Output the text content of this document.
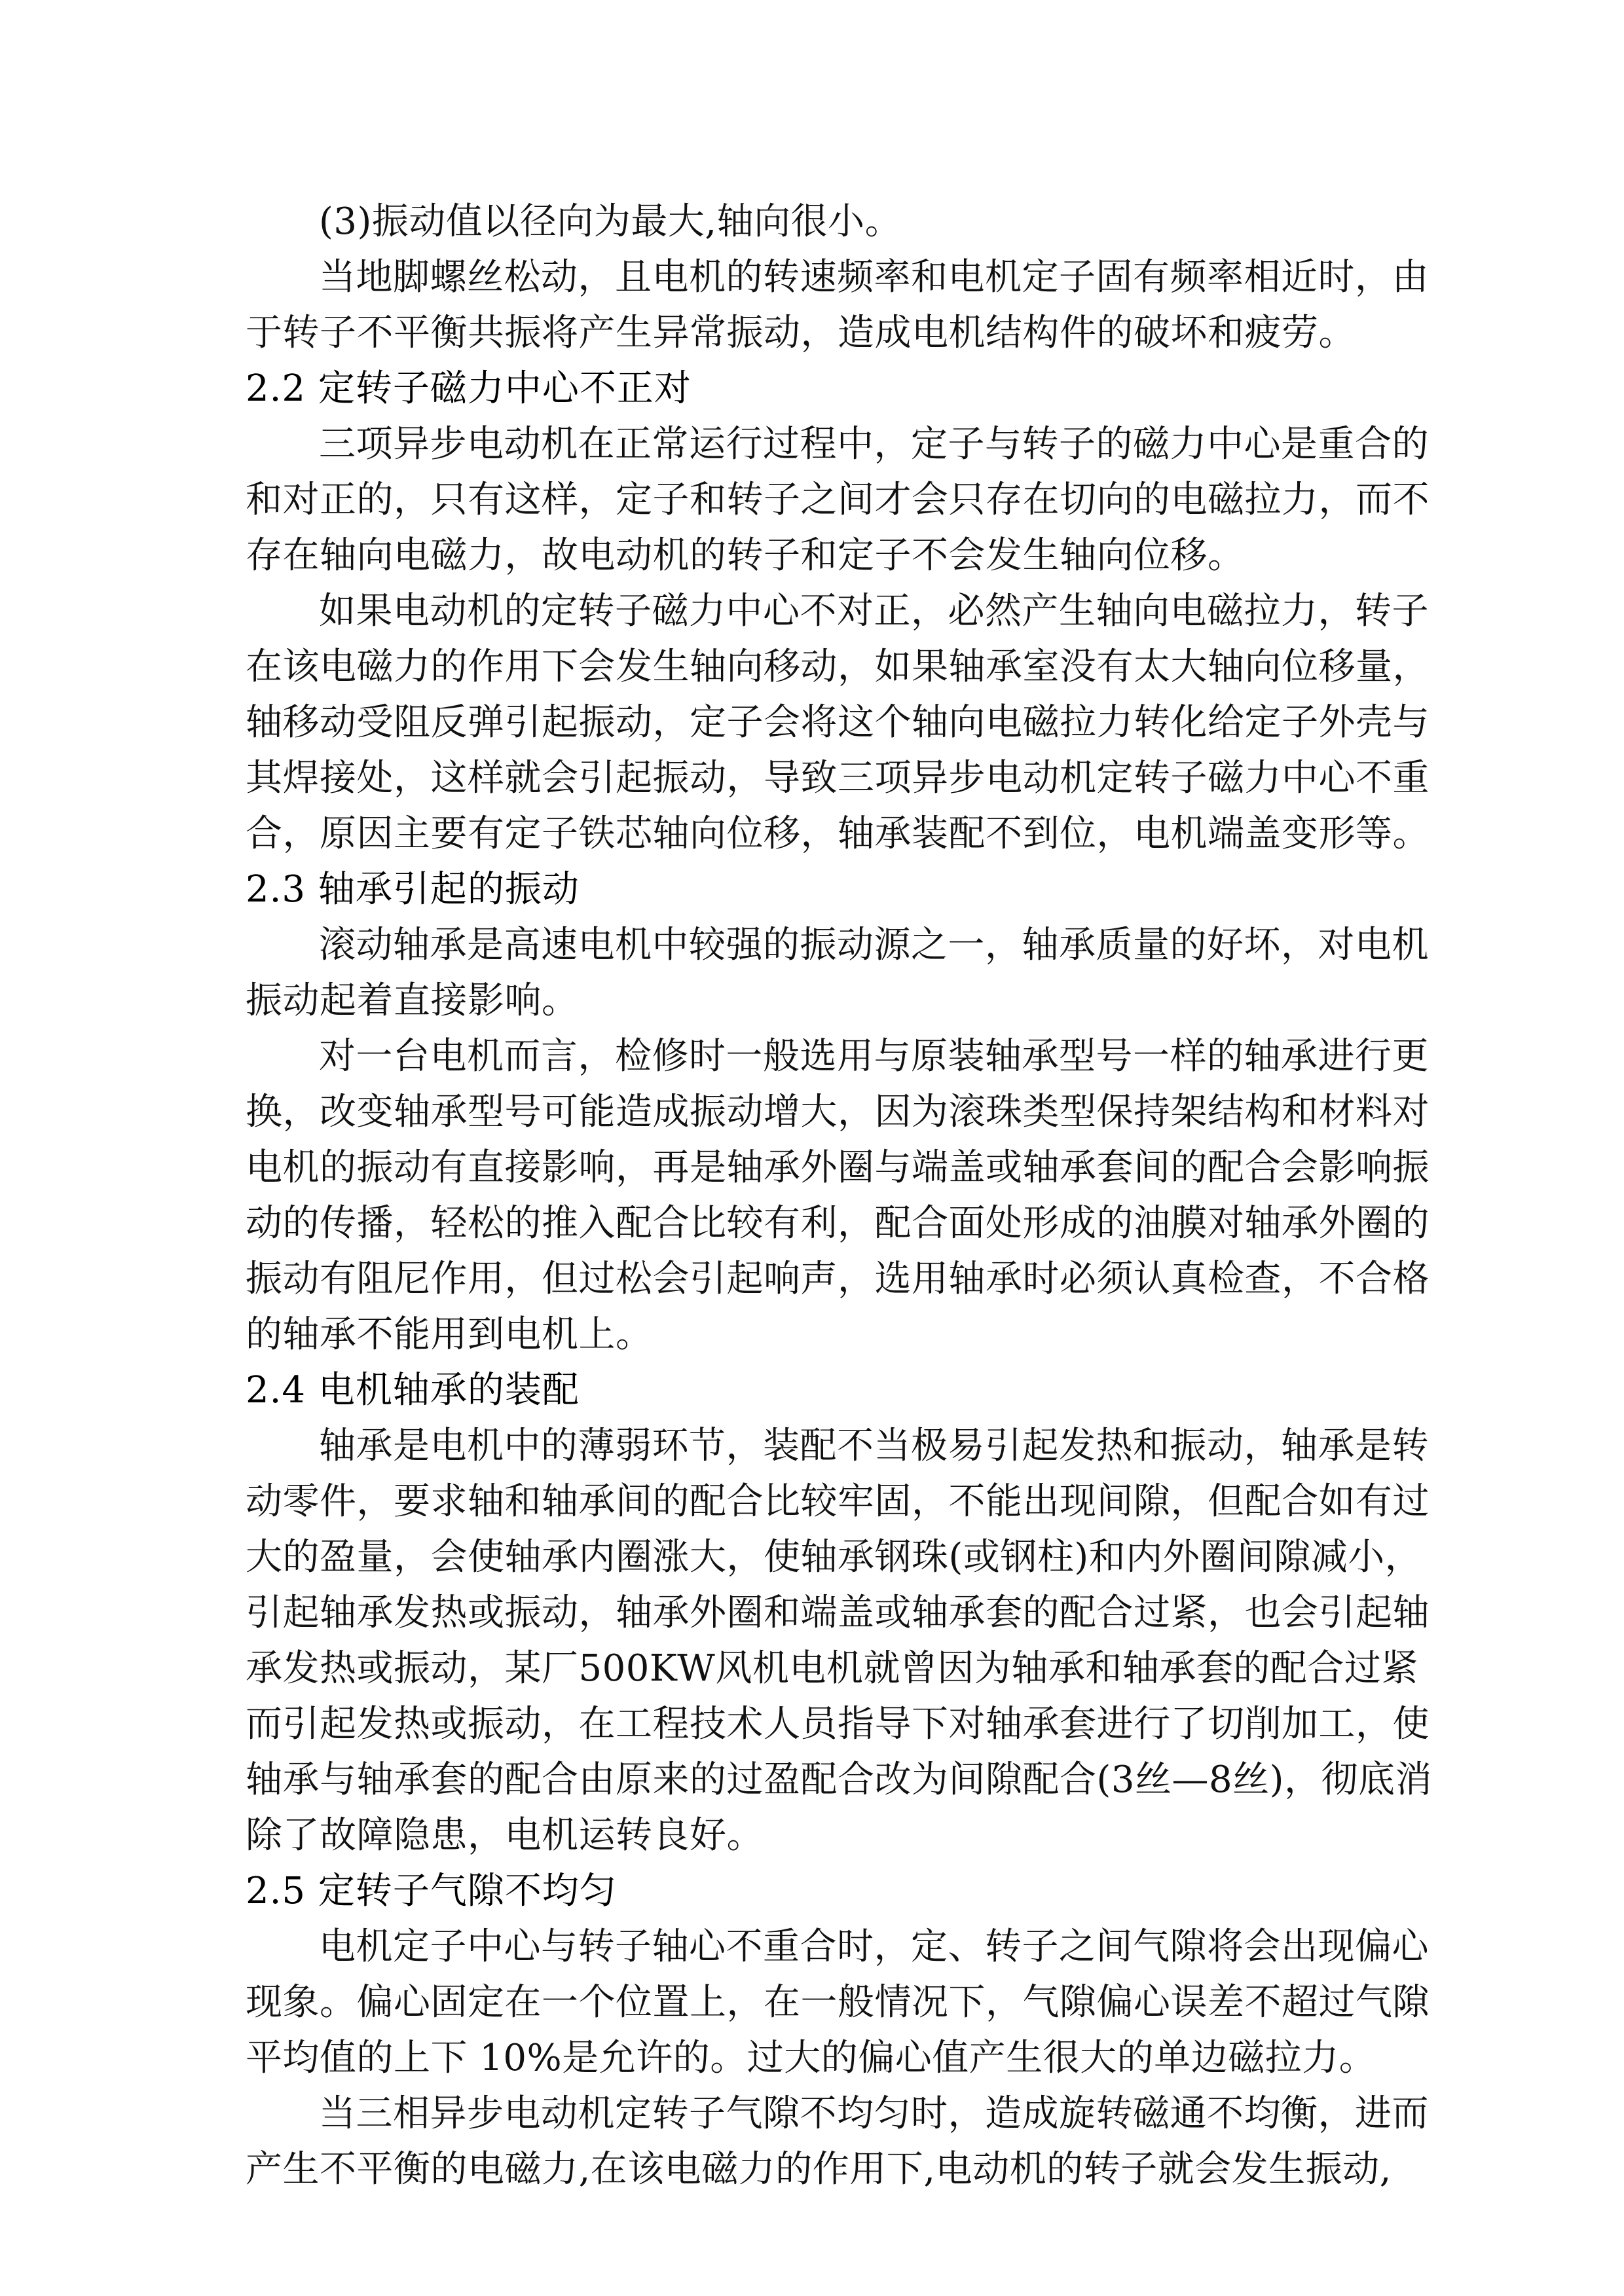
(3)振动值以径向为最大,轴向很小。
当 地 脚 螺 丝 松 动 ， 且 电 机 的 转 速 频 率 和 电 机 定 子 固 有 频 率 相 近 时 ， 由
于转子不平衡共振将产生异常振动，造成电机结构件的破坏和疲劳。
2.2 定转子磁力中心不正对
三 项 异 步 电 动 机 在 正 常 运 行 过 程 中 ， 定 子 与 转 子 的 磁 力 中 心 是 重 合 的
和 对 正 的 ， 只 有 这 样 ， 定 子 和 转 子 之 间 才 会 只 存 在 切 向 的 电 磁 拉 力 ， 而 不
存在轴向电磁力，故电动机的转子和定子不会发生轴向位移。
如 果 电 动 机 的 定 转 子 磁 力 中 心 不 对 正 ， 必 然 产 生 轴 向 电 磁 拉 力 ， 转 子
在 该 电 磁 力 的 作 用 下 会 发 生 轴 向 移 动 ， 如 果 轴 承 室 没 有 太 大 轴 向 位 移 量 ，
轴 移 动 受 阻 反 弹 引 起 振 动 ， 定 子 会 将 这 个 轴 向 电 磁 拉 力 转 化 给 定 子 外 壳 与
其 焊 接 处 ， 这 样 就 会 引 起 振 动 ， 导 致 三 项 异 步 电 动 机 定 转 子 磁 力 中 心 不 重
合，原因主要有定子铁芯轴向位移，轴承装配不到位，电机端盖变形等。
2.3 轴承引起的振动
滚 动 轴 承 是 高 速 电 机 中 较 强 的 振 动 源 之 一 ， 轴 承 质 量 的 好 坏 ， 对 电 机
振动起着直接影响。
对 一 台 电 机 而 言 ， 检 修 时 一 般 选 用 与 原 装 轴 承 型 号 一 样 的 轴 承 进 行 更
换 ， 改 变 轴 承 型 号 可 能 造 成 振 动 增 大 ， 因 为 滚 珠 类 型 保 持 架 结 构 和 材 料 对
电 机 的 振 动 有 直 接 影 响 ， 再 是 轴 承 外 圈 与 端 盖 或 轴 承 套 间 的 配 合 会 影 响 振
动 的 传 播 ， 轻 松 的 推 入 配 合 比 较 有 利 ， 配 合 面 处 形 成 的 油 膜 对 轴 承 外 圈 的
振 动 有 阻 尼 作 用 ， 但 过 松 会 引 起 响 声 ， 选 用 轴 承 时 必 须 认 真 检 查 ， 不 合 格
的轴承不能用到电机上。
2.4 电机轴承的装配
轴 承 是 电 机 中 的 薄 弱 环 节 ， 装 配 不 当 极 易 引 起 发 热 和 振 动 ， 轴 承 是 转
动 零 件 ， 要 求 轴 和 轴 承 间 的 配 合 比 较 牢 固 ， 不 能 出 现 间 隙 ， 但 配 合 如 有 过
大 的 盈 量 ， 会 使 轴 承 内 圈 涨 大 ， 使 轴 承 钢 珠 ( 或 钢 柱 ) 和 内 外 圈 间 隙 减 小 ，
引 起 轴 承 发 热 或 振 动 ， 轴 承 外 圈 和 端 盖 或 轴 承 套 的 配 合 过 紧 ， 也 会 引 起 轴
承 发 热 或 振 动 ， 某 厂 5 0 0 K W 风 机 电 机 就 曾 因 为 轴 承 和 轴 承 套 的 配 合 过 紧
而 引 起 发 热 或 振 动 ， 在 工 程 技 术 人 员 指 导 下 对 轴 承 套 进 行 了 切 削 加 工 ， 使
轴 承 与 轴 承 套 的 配 合 由 原 来 的 过 盈 配 合 改 为 间 隙 配 合 ( 3 丝 — 8 丝 ) ， 彻 底 消
除了故障隐患，电机运转良好。
2.5 定转子气隙不均匀
电 机 定 子 中 心 与 转 子 轴 心 不 重 合 时 ， 定 、 转 子 之 间 气 隙 将 会 出 现 偏 心
现 象 。 偏 心 固 定 在 一 个 位 置 上 ， 在 一 般 情 况 下 ， 气 隙 偏 心 误 差 不 超 过 气 隙
平均值的上下 10%是允许的。过大的偏心值产生很大的单边磁拉力。
当 三 相 异 步 电 动 机 定 转 子 气 隙 不 均 匀 时 ， 造 成 旋 转 磁 通 不 均 衡 ， 进 而
产生不平衡的电磁力,在该电磁力的作用下,电动机的转子就会发生振动,
